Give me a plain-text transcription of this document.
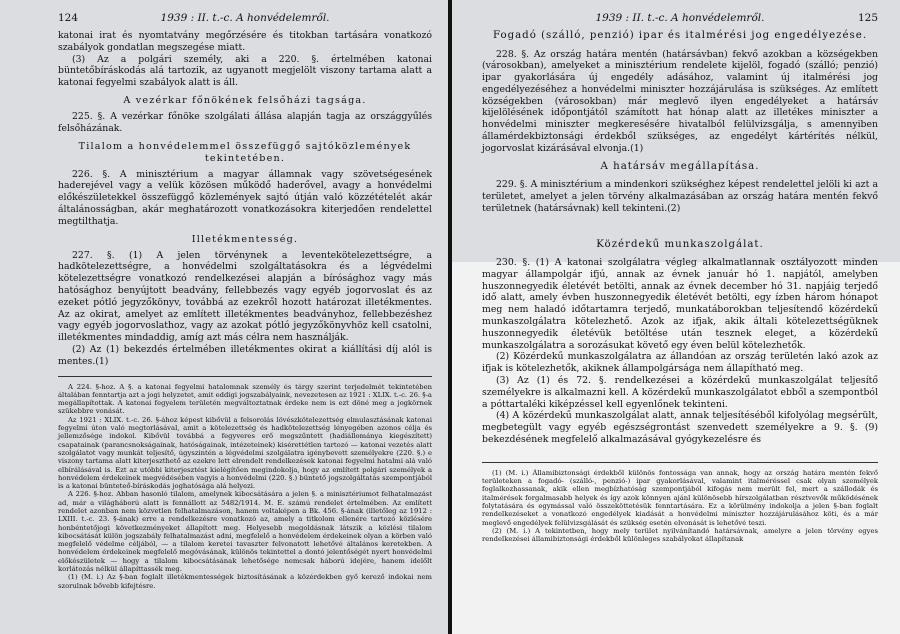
124	1939 : II. t.-c. A honvédelemről.

katonai irat és nyomtatvány megőrzésére és titokban tartására vonatkozó szabályok gondatlan megszegése miatt.

(3) Az a polgári személy, aki a 220. §. értelmében katonai büntetőbíráskodás alá tartozik, az ugyanott megjelölt viszony tartama alatt a katonai fegyelmi szabályok alatt is áll.

A vezérkar főnökének felsőházi tagsága.

225. §. A vezérkar főnöke szolgálati állása alapján tagja az országgyűlés felsőházának.

Tilalom a honvédelemmel összefüggő sajtóközlemények tekintetében.

226. §. A minisztérium a magyar államnak vagy szövetségesének haderejével vagy a velük közösen működő haderővel, avagy a honvédelmi előkészületekkel összefüggő közlemények sajtó útján való közzétételét akár általánosságban, akár meghatározott vonatkozásokra kiterjedően rendelettel megtilthatja.

Illetékmentesség.

227. §. (1) A jelen törvénynek a leventekötelezettségre, a hadkötelezettségre, a honvédelmi szolgáltatásokra és a légvédelmi kötelezettségre vonatkozó rendelkezései alapján a bírósághoz vagy más hatósághoz benyújtott beadvány, fellebbezés vagy egyéb jogorvoslat és az ezeket pótló jegyzőkönyv, továbbá az ezekről hozott határozat illetékmentes. Az az okirat, amelyet az említett illetékmentes beadványhoz, fellebbezéshez vagy egyéb jogorvoslathoz, vagy az azokat pótló jegyzőkönyvhöz kell csatolni, illetékmentes mindaddig, amíg azt más célra nem használják.

(2) Az (1) bekezdés értelmében illetékmentes okirat a kiállítási díj alól is mentes.(1)

A 224. §-hoz. A §. a katonai fegyelmi hatalomnak személy és tárgy szerint terjedelmét tekintetében általában fenntartja azt a jogi helyzetet, amit eddigi jogszabályaink, nevezetesen az 1921 : XLIX. t.-c. 26. §-a megállapítottak. A katonai fegyelem területén megváltoztatnak érdeke nem is ezt döné meg a jogkörnek szükebbre vonását.

Az 1921 : XLIX. t.-c. 26. §-ához képest kibővül a felsorolás lövészkötelezettség elmulasztásának katonai fegyelmi úton való megtorlásával, amit a kötelezettség és hadkötelezettség lényegében azonos célja és jellemzősége indokol. Kibővül továbbá a fegyveres erő megszűntett (hadiállománya kiegészített) csapatainak (parancsnokságainak, hatóságainak, intézeteinek) kisérettétlen tartozó — katonai vezetés alatt szolgálatot vagy munkát teljesítő, úgyszintén a légvédelmi szolgálatra igénybevett személyekre (220. §.) e viszony tartama alatt kiterjeszthető az ezekre lett elrendelt rendelkezések katonai fegyelmi hatalmi alá való elbírálásával is. Ezt az utóbbi kiterjesztést kielégítően megindokolja, hogy az említett polgári személyek a honvédelem érdekeinek megvédésében vagyis a honvédelmi (220. §.) büntető jogszolgáltatás szempontjából is a katonai bünteteő-bíráskodás joghatósága alá helyezi.

A 226. §-hoz. Abban hasonló tilalom, amelynek kibocsátására a jelen §. a minisztériumot felhatalmazást ad, már a világháború alatt is fennállott az 5482/1914. M. E. számú rendelet értelmében. Az említett rendelet azonban nem közvetlen felhatalmazáson, hanem voltaképen a Bk. 456. §-ának (illetőleg az 1912 : LXIII. t.-c. 23. §-ának) erre a rendelkezésre vonatkozó az, amely a titkolom ellenére tartozó közlésére honbéntetőjogi következményeket állapított meg. Helyesebb megoldásnak látszik a közlési tilalom kibocsátását külön jogszabály felhatalmazást adni, megfelelő a honvédelem érdekeinek olyan a körben való megfelelő védelme céljából, — a tilalom keretei tavaszter felvonatott lehetővé általános keretekben. A honvédelem érdekeinek megfelelő megóvásának, különös tekintettel a dontó jelentőségét nyert honvédelmi előkészületek — hogy a tilalom kibocsátásának lehetősége nemcsak háború idejére, hanem idelőlt korlátozás nélkül állapíttassék meg.

(1) (M. i.) Az §-ban foglalt illetékmentességek biztosításának a közérdekben győ kerező indokai nem szorulnak bővebb kifejtésre.

1939 : II. t.-c. A honvédelemről.	125
Fogadó (szálló, penzió) ipar és italmérési jog engedélyezése.

228. §. Az ország határa mentén (határsávban) fekvő azokban a községekben (városokban), amelyeket a minisztérium rendelete kijelöl, fogadó (szálló; penzió) ipar gyakorlására új engedély adásához, valamint új italmérési jog engedélyezéséhez a honvédelmi miniszter hozzájárulása is szükséges. Az említett községekben (városokban) már meglevő ilyen engedélyeket a határsáv kijelölésének időpontjától számított hat hónap alatt az illetékes miniszter a honvédelmi miniszter megkeresésére hivatalból felülvizsgálja, s amennyiben államérdekbiztonsági érdekből szükséges, az engedélyt kártérítés nélkül, jogorvoslat kizárásával elvonja.(1)

A határsáv megállapítása.

229. §. A minisztérium a mindenkori szükséghez képest rendelettel jelöli ki azt a területet, amelyet a jelen törvény alkalmazásában az ország határa mentén fekvő területnek (határsávnak) kell tekinteni.(2)

Közérdekű munkaszolgálat.

230. §. (1) A katonai szolgálatra végleg alkalmatlannak osztályozott minden magyar állampolgár ifjú, annak az évnek január hó 1. napjától, amelyben huszonnegyedik életévét betölti, annak az évnek december hó 31. napjáig terjedő idő alatt, amely évben huszonnegyedik életévét betölti, egy ízben három hónapot meg nem haladó időtartamra terjedő, munkatáborokban teljesítendő közérdekű munkaszolgálatra kötelezhető. Azok az ifjak, akik általi kötelezettségüknek huszonnegyedik életévük betöltése után tesznek eleget, a közérdekű munkaszolgálatra a sorozásukat követő egy éven belül kötelezhetők.

(2) Közérdekű munkaszolgálatra az állandóan az ország területén lakó azok az ifjak is kötelezhetők, akiknek állampolgársága nem állapítható meg.

(3) Az (1) és 72. §. rendelkezései a közérdekű munkaszolgálat teljesítő személyekre is alkalmazni kell. A közérdekű munkaszolgálatot ebből a szempontból a póttartaléki kiképzéssel kell egyenlőnek tekinteni.

(4) A közérdekű munkaszolgálat alatt, annak teljesítéséből kifolyólag megsérült, megbetegült vagy egyéb egészségrontást szenvedett személyekre a 9. §. (9) bekezdésének megfelelő alkalmazásával gyógykezelésre és

(1) (M. i.) Államibiztonsági érdekből különös fontossága van annak, hogy az ország határa mentén fekvő területeken a fogadó- (szálló-, penzió-) ipar gyakorlásával, valamint italméréssel csak olyan személyek foglalkozhassanak, akik ellen megbízhatóság szempontjából kifogás nem merült fel, mert a szállodák és italmérések forgalmasabb helyek és így azok könnyen ajánl különösebb hírszolgálatban résztvevők működésének folytatására és egymással való összeköttetésük fenntartására. Ez a körülmény indokolja a jelen §-ban foglalt rendelkezéseket a vonatkozó engedélyek kiadását a honvédelmi miniszter hozzájárulásához köti, és a már meglevő engedélyek felülvizsgálását és szükség esetén elvonását is lehetővé teszi.

(2) (M. i.) A tekintetben, hogy mely terület nyilvánítandó határsávnak, amelyre a jelen törvény egyes rendelkezései államibiztonsági érdekből különleges szabályokat állapítanak
